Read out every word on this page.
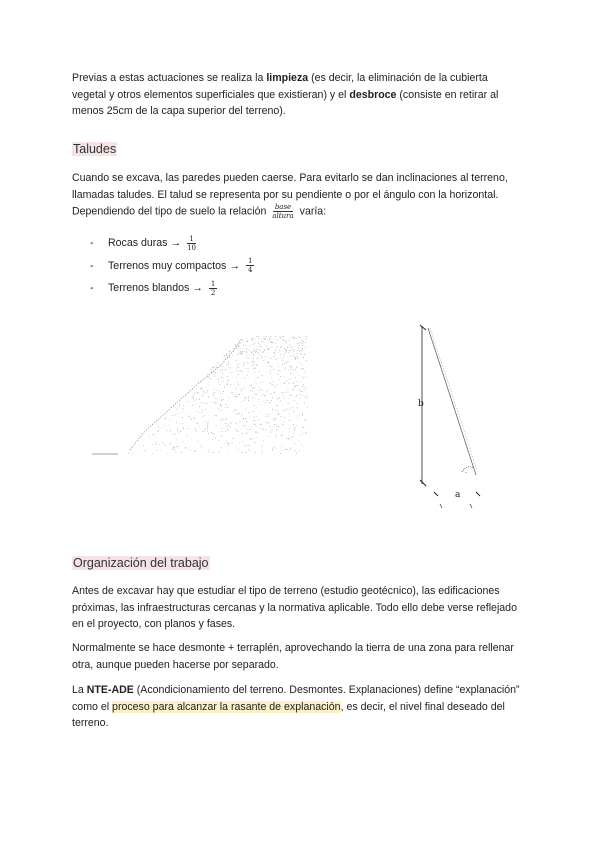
Previas a estas actuaciones se realiza la limpieza (es decir, la eliminación de la cubierta vegetal y otros elementos superficiales que existieran) y el desbroce (consiste en retirar al menos 25cm de la capa superior del terreno).
Taludes
Cuando se excava, las paredes pueden caerse. Para evitarlo se dan inclinaciones al terreno, llamadas taludes. El talud se representa por su pendiente o por el ángulo con la horizontal. Dependiendo del tipo de suelo la relación $\frac{\text{base}}{\text{altura}}$ varía:
-	Rocas duras → $\frac{1}{10}$
-	Terrenos muy compactos → $\frac{1}{4}$
-	Terrenos blandos → $\frac{1}{2}$
·
b
a
Organización del trabajo
Antes de excavar hay que estudiar el tipo de terreno (estudio geotécnico), las edificaciones próximas, las infraestructuras cercanas y la normativa aplicable. Todo ello debe verse reflejado en el proyecto, con planos y fases.
Normalmente se hace desmonte + terraplén, aprovechando la tierra de una zona para rellenar otra, aunque pueden hacerse por separado.
La NTE-ADE (Acondicionamiento del terreno. Desmontes. Explanaciones) define “explanación” como el proceso para alcanzar la rasante de explanación, es decir, el nivel final deseado del terreno.
